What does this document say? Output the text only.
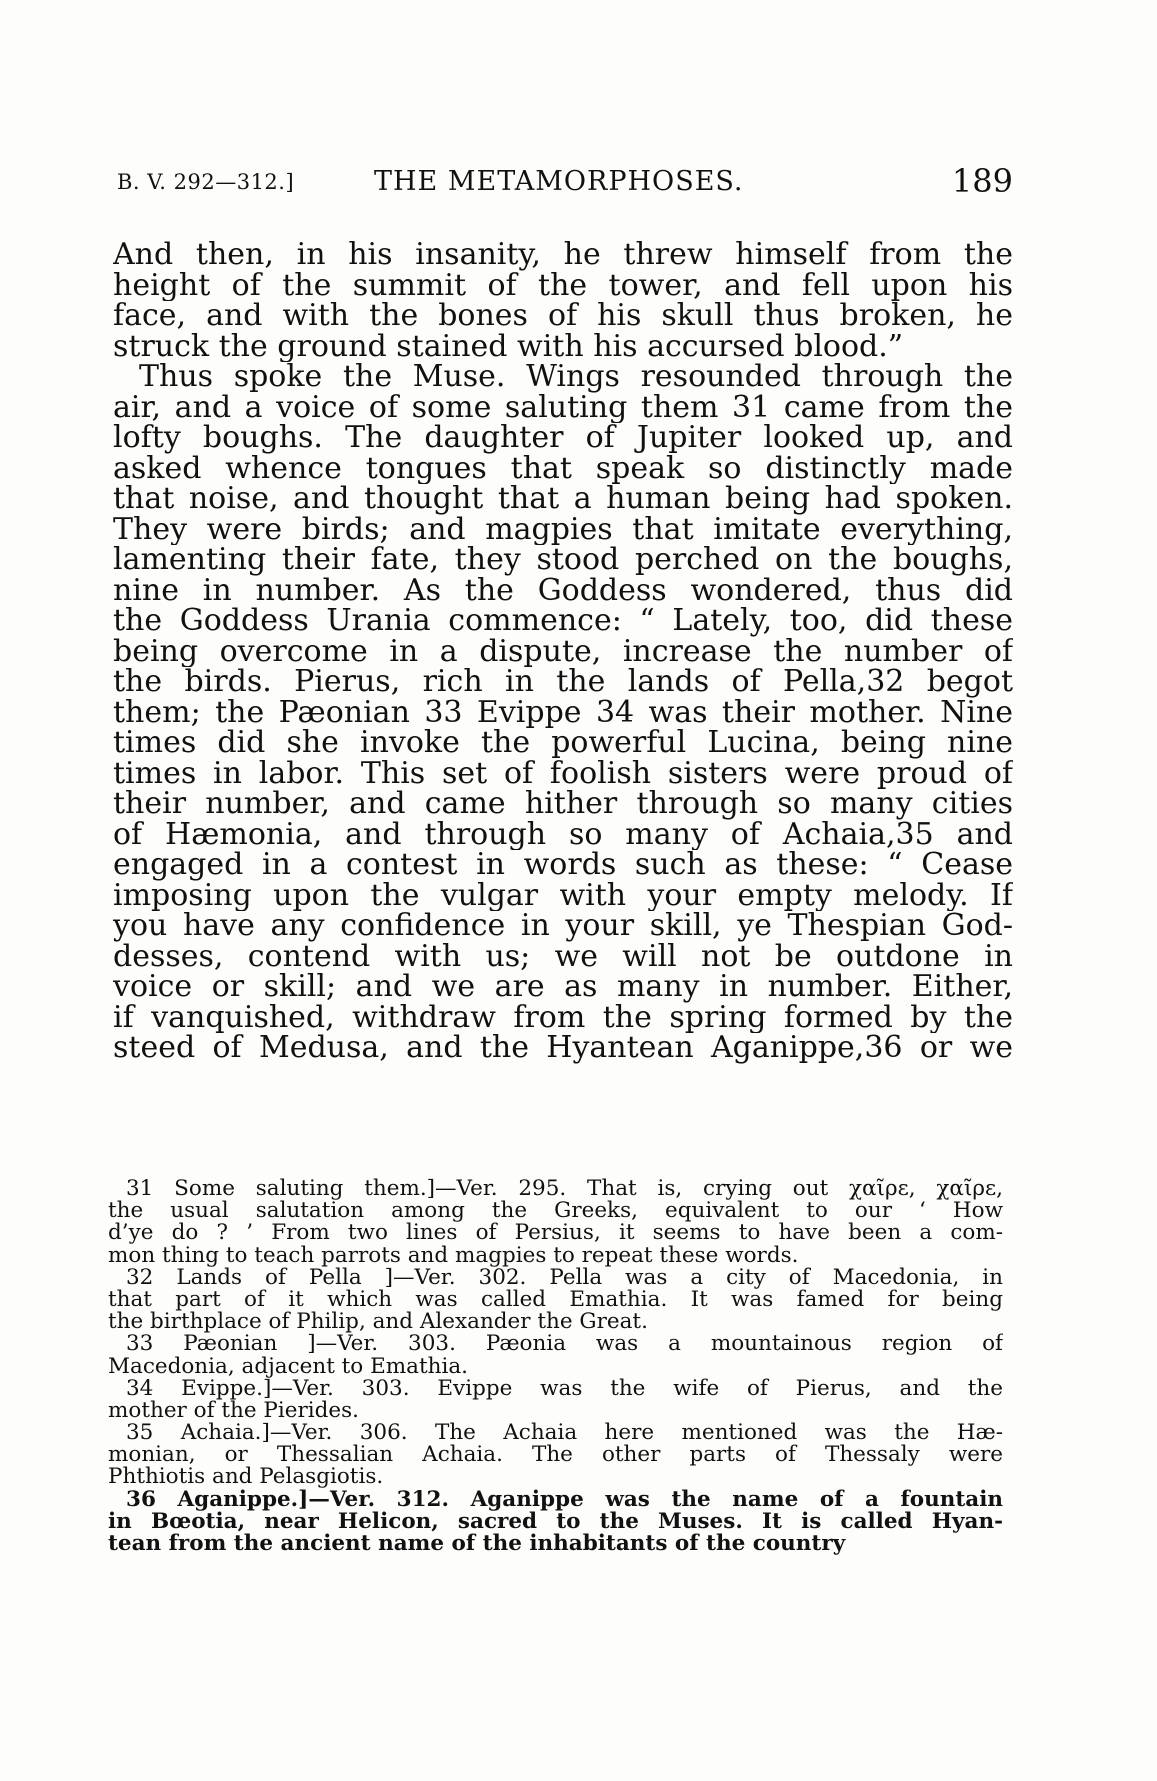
B. V. 292—312.]	THE METAMORPHOSES.	189
And then, in his insanity, he threw himself from the
height of the summit of the tower, and fell upon his
face, and with the bones of his skull thus broken, he
struck the ground stained with his accursed blood.”
Thus spoke the Muse. Wings resounded through the
air, and a voice of some saluting them 31 came from the
lofty boughs. The daughter of Jupiter looked up, and
asked whence tongues that speak so distinctly made
that noise, and thought that a human being had spoken.
They were birds; and magpies that imitate everything,
lamenting their fate, they stood perched on the boughs,
nine in number. As the Goddess wondered, thus did
the Goddess Urania commence: “ Lately, too, did these
being overcome in a dispute, increase the number of
the birds. Pierus, rich in the lands of Pella,32 begot
them; the Pæonian 33 Evippe 34 was their mother. Nine
times did she invoke the powerful Lucina, being nine
times in labor. This set of foolish sisters were proud of
their number, and came hither through so many cities
of Hæmonia, and through so many of Achaia,35 and
engaged in a contest in words such as these: “ Cease
imposing upon the vulgar with your empty melody. If
you have any confidence in your skill, ye Thespian God-
desses, contend with us; we will not be outdone in
voice or skill; and we are as many in number. Either,
if vanquished, withdraw from the spring formed by the
steed of Medusa, and the Hyantean Aganippe,36 or we
31 Some saluting them.]—Ver. 295. That is, crying out χαῖρε, χαῖρε,
the usual salutation among the Greeks, equivalent to our ‘ How
d’ye do ? ’ From two lines of Persius, it seems to have been a com-
mon thing to teach parrots and magpies to repeat these words.
32 Lands of Pella ]—Ver. 302. Pella was a city of Macedonia, in
that part of it which was called Emathia. It was famed for being
the birthplace of Philip, and Alexander the Great.
33 Pæonian ]—Ver. 303. Pæonia was a mountainous region of
Macedonia, adjacent to Emathia.
34 Evippe.]—Ver. 303. Evippe was the wife of Pierus, and the
mother of the Pierides.
35 Achaia.]—Ver. 306. The Achaia here mentioned was the Hæ-
monian, or Thessalian Achaia. The other parts of Thessaly were
Phthiotis and Pelasgiotis.
36 Aganippe.]—Ver. 312. Aganippe was the name of a fountain
in Bœotia, near Helicon, sacred to the Muses. It is called Hyan-
tean from the ancient name of the inhabitants of the country
